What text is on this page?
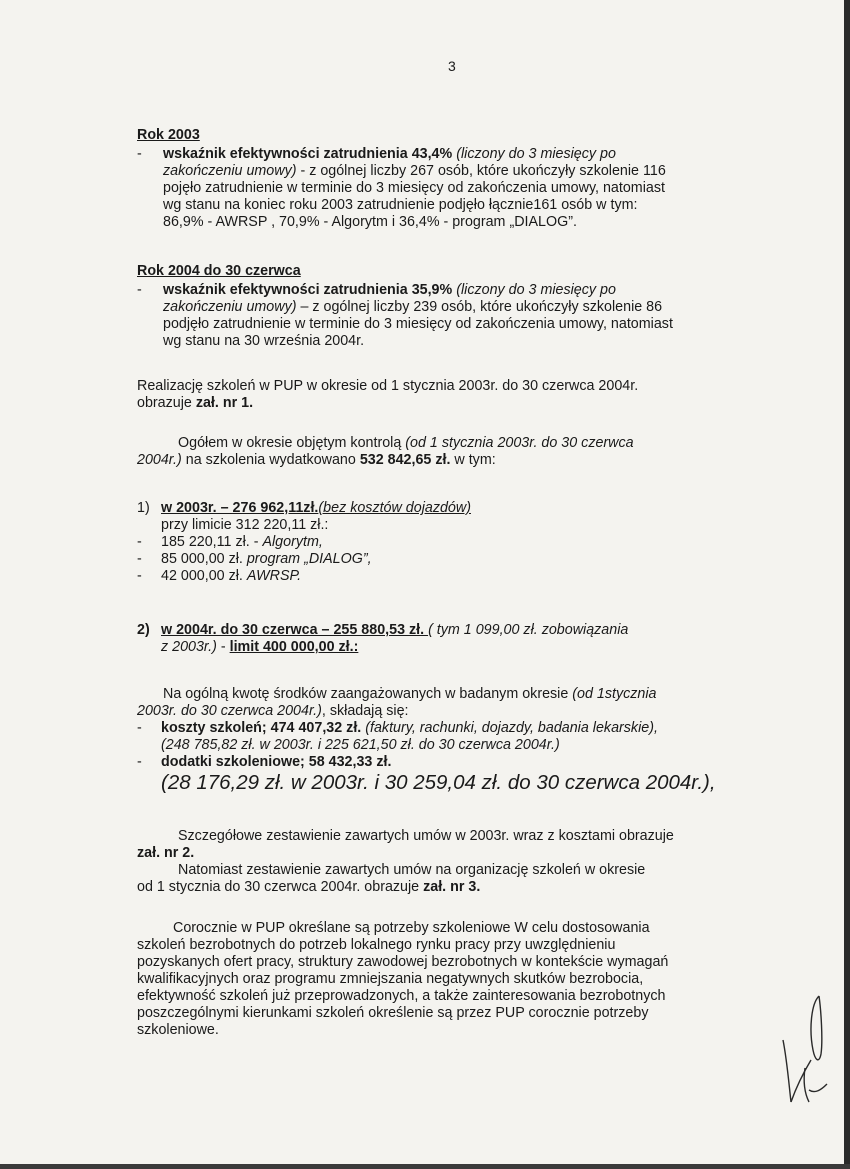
3
Rok 2003
- wskaźnik efektywności zatrudnienia 43,4% (liczony do 3 miesięcy po
zakończeniu umowy) - z ogólnej liczby 267 osób, które ukończyły szkolenie 116
pojęło zatrudnienie w terminie do 3 miesięcy od zakończenia umowy, natomiast
wg stanu na koniec roku 2003 zatrudnienie podjęło łącznie161 osób w tym:
86,9% - AWRSP , 70,9% - Algorytm i 36,4% - program „DIALOG”.
Rok 2004 do 30 czerwca
- wskaźnik efektywności zatrudnienia 35,9% (liczony do 3 miesięcy po
zakończeniu umowy) – z ogólnej liczby 239 osób, które ukończyły szkolenie 86
podjęło zatrudnienie w terminie do 3 miesięcy od zakończenia umowy, natomiast
wg stanu na 30 września 2004r.
Realizację szkoleń w PUP w okresie od 1 stycznia 2003r. do 30 czerwca 2004r.
obrazuje zał. nr 1.
Ogółem w okresie objętym kontrolą (od 1 stycznia 2003r. do 30 czerwca
2004r.) na szkolenia wydatkowano 532 842,65 zł. w tym:
1) w 2003r. – 276 962,11zł.(bez kosztów dojazdów)
przy limicie 312 220,11 zł.:
- 185 220,11 zł. - Algorytm,
- 85 000,00 zł. program „DIALOG”,
- 42 000,00 zł. AWRSP.
2) w 2004r. do 30 czerwca – 255 880,53 zł. ( tym 1 099,00 zł. zobowiązania
z 2003r.) - limit 400 000,00 zł.:
Na ogólną kwotę środków zaangażowanych w badanym okresie (od 1stycznia
2003r. do 30 czerwca 2004r.), składają się:
- koszty szkoleń; 474 407,32 zł. (faktury, rachunki, dojazdy, badania lekarskie),
(248 785,82 zł. w 2003r. i 225 621,50 zł. do 30 czerwca 2004r.)
- dodatki szkoleniowe; 58 432,33 zł.
(28 176,29 zł. w 2003r. i 30 259,04 zł. do 30 czerwca 2004r.),
Szczegółowe zestawienie zawartych umów w 2003r. wraz z kosztami obrazuje
zał. nr 2.
Natomiast zestawienie zawartych umów na organizację szkoleń w okresie
od 1 stycznia do 30 czerwca 2004r. obrazuje zał. nr 3.
Corocznie w PUP określane są potrzeby szkoleniowe W celu dostosowania
szkoleń bezrobotnych do potrzeb lokalnego rynku pracy przy uwzględnieniu
pozyskanych ofert pracy, struktury zawodowej bezrobotnych w kontekście wymagań
kwalifikacyjnych oraz programu zmniejszania negatywnych skutków bezrobocia,
efektywność szkoleń już przeprowadzonych, a także zainteresowania bezrobotnych
poszczególnymi kierunkami szkoleń określenie są przez PUP corocznie potrzeby
szkoleniowe.
